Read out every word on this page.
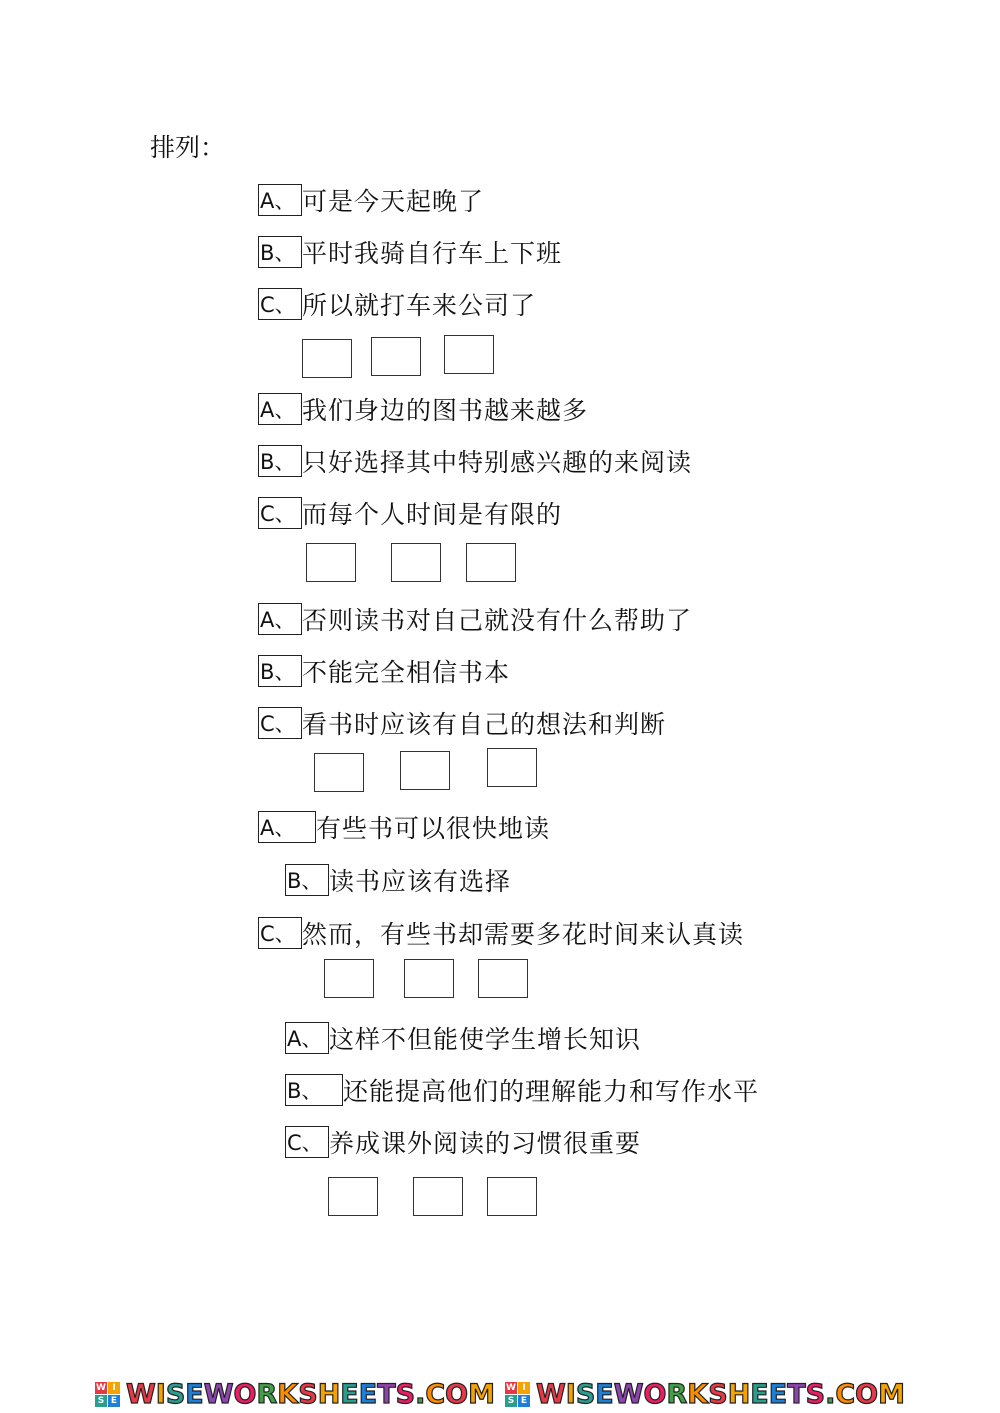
排列：
A、 可是今天起晚了
B、 平时我骑自行车上下班
C、 所以就打车来公司了
A、 我们身边的图书越来越多
B、 只好选择其中特别感兴趣的来阅读
C、 而每个人时间是有限的
A、 否则读书对自己就没有什么帮助了
B、 不能完全相信书本
C、 看书时应该有自己的想法和判断
A、 有些书可以很快地读
B、 读书应该有选择
C、 然而，有些书却需要多花时间来认真读
A、 这样不但能使学生增长知识
B、 还能提高他们的理解能力和写作水平
C、 养成课外阅读的习惯很重要
W I
S E WISEWORKSHEETS.COM W I
S E WISEWORKSHEETS.COM
